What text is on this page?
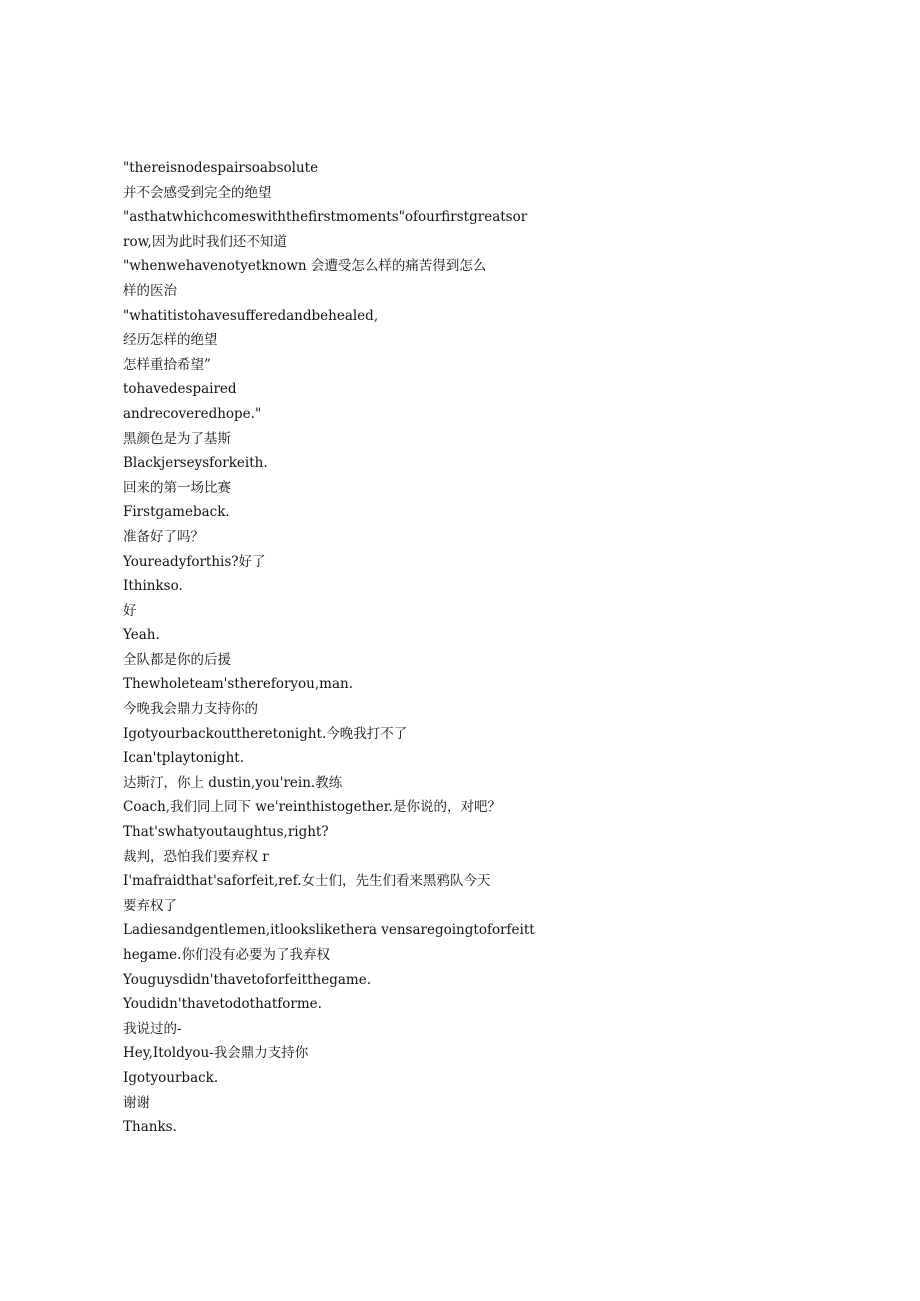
"thereisnodespairsoabsolute
并不会感受到完全的绝望
"asthatwhichcomeswiththefirstmoments"ofourfirstgreatsor
row,因为此时我们还不知道
"whenwehavenotyetknown 会遭受怎么样的痛苦得到怎么
样的医治
"whatitistohavesufferedandbehealed,
经历怎样的绝望
怎样重拾希望”
tohavedespaired
andrecoveredhope."
黑颜色是为了基斯
Blackjerseysforkeith.
回来的第一场比赛
Firstgameback.
准备好了吗？
Youreadyforthis?好了
Ithinkso.
好
Yeah.
全队都是你的后援
Thewholeteam'sthereforyou,man.
今晚我会鼎力支持你的
Igotyourbackouttheretonight.今晚我打不了
Ican'tplaytonight.
达斯汀，你上 dustin,you'rein.教练
Coach,我们同上同下 we'reinthistogether.是你说的，对吧？
That'swhatyoutaughtus,right?
裁判，恐怕我们要弃权 r
I'mafraidthat'saforfeit,ref.女士们，先生们看来黑鸦队今天
要弃权了
Ladiesandgentlemen,itlookslikethera vensaregoingtoforfeitt
hegame.你们没有必要为了我弃权
Youguysdidn'thavetoforfeitthegame.
Youdidn'thavetodothatforme.
我说过的-
Hey,Itoldyou-我会鼎力支持你
Igotyourback.
谢谢
Thanks.
